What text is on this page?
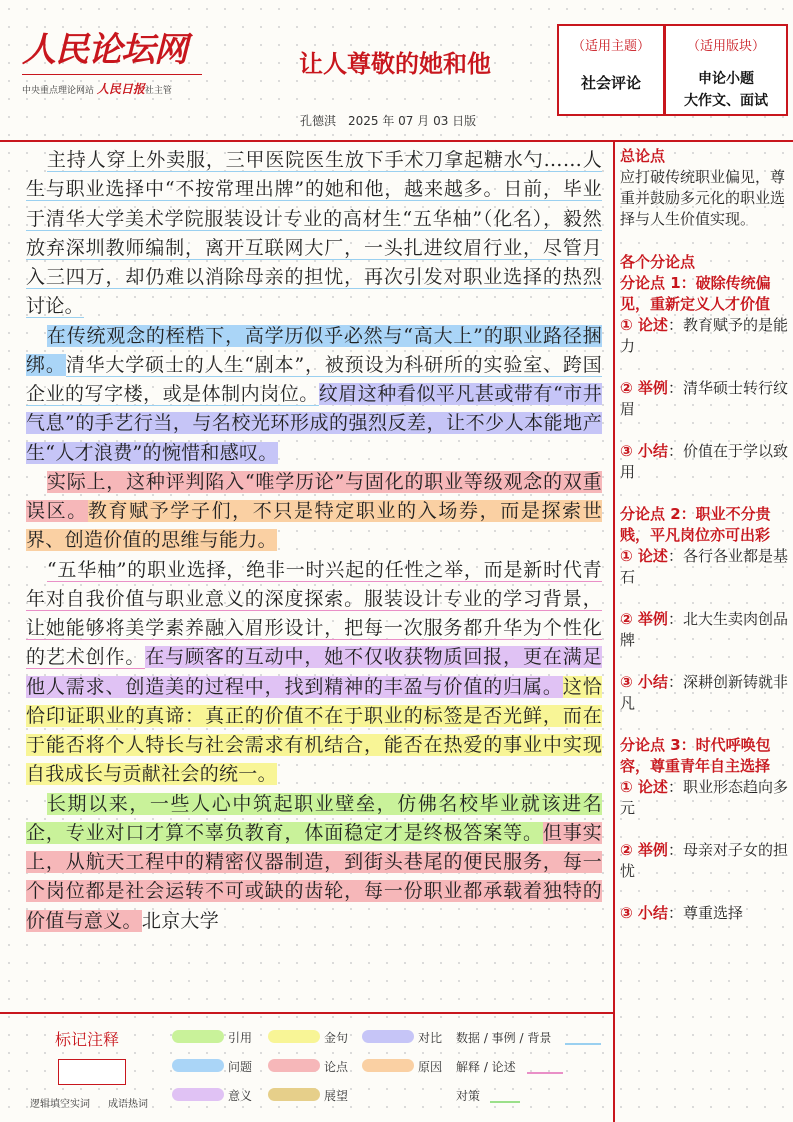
人民论坛网
中央重点理论网站 人民日报社主管
让人尊敬的她和他
孔德淇　2025 年 07 月 03 日版
（适用主题）
社会评论
（适用版块）
申论小题
大作文、面试

主持人穿上外卖服，三甲医院医生放下手术刀拿起糖水勺……人生与职业选择中“不按常理出牌”的她和他，越来越多。日前，毕业于清华大学美术学院服装设计专业的高材生“五华柚”（化名），毅然放弃深圳教师编制，离开互联网大厂，一头扎进纹眉行业，尽管月入三四万，却仍难以消除母亲的担忧，再次引发对职业选择的热烈讨论。

在传统观念的桎梏下，高学历似乎必然与“高大上”的职业路径捆绑。清华大学硕士的人生“剧本”，被预设为科研所的实验室、跨国企业的写字楼，或是体制内岗位。纹眉这种看似平凡甚或带有“市井气息”的手艺行当，与名校光环形成的强烈反差，让不少人本能地产生“人才浪费”的惋惜和感叹。

实际上，这种评判陷入“唯学历论”与固化的职业等级观念的双重误区。教育赋予学子们，不只是特定职业的入场券，而是探索世界、创造价值的思维与能力。

“五华柚”的职业选择，绝非一时兴起的任性之举，而是新时代青年对自我价值与职业意义的深度探索。服装设计专业的学习背景，让她能够将美学素养融入眉形设计，把每一次服务都升华为个性化的艺术创作。在与顾客的互动中，她不仅收获物质回报，更在满足他人需求、创造美的过程中，找到精神的丰盈与价值的归属。这恰恰印证职业的真谛：真正的价值不在于职业的标签是否光鲜，而在于能否将个人特长与社会需求有机结合，能否在热爱的事业中实现自我成长与贡献社会的统一。

长期以来，一些人心中筑起职业壁垒，仿佛名校毕业就该进名企，专业对口才算不辜负教育，体面稳定才是终极答案等。但事实上，从航天工程中的精密仪器制造，到街头巷尾的便民服务，每一个岗位都是社会运转不可或缺的齿轮，每一份职业都承载着独特的价值与意义。北京大学

总论点
应打破传统职业偏见，尊重并鼓励多元化的职业选择与人生价值实现。
各个分论点
分论点 1：破除传统偏见，重新定义人才价值
① 论述：教育赋予的是能力
② 举例：清华硕士转行纹眉
③ 小结：价值在于学以致用
分论点 2：职业不分贵贱，平凡岗位亦可出彩
① 论述：各行各业都是基石
② 举例：北大生卖肉创品牌
③ 小结：深耕创新铸就非凡
分论点 3：时代呼唤包容，尊重青年自主选择
① 论述：职业形态趋向多元
② 举例：母亲对子女的担忧
③ 小结：尊重选择
标记注释
逻辑填空实词 成语热词
引用	金句	对比
问题	论点	原因
意义	展望
数据 / 事例 / 背景
解释 / 论述
对策
